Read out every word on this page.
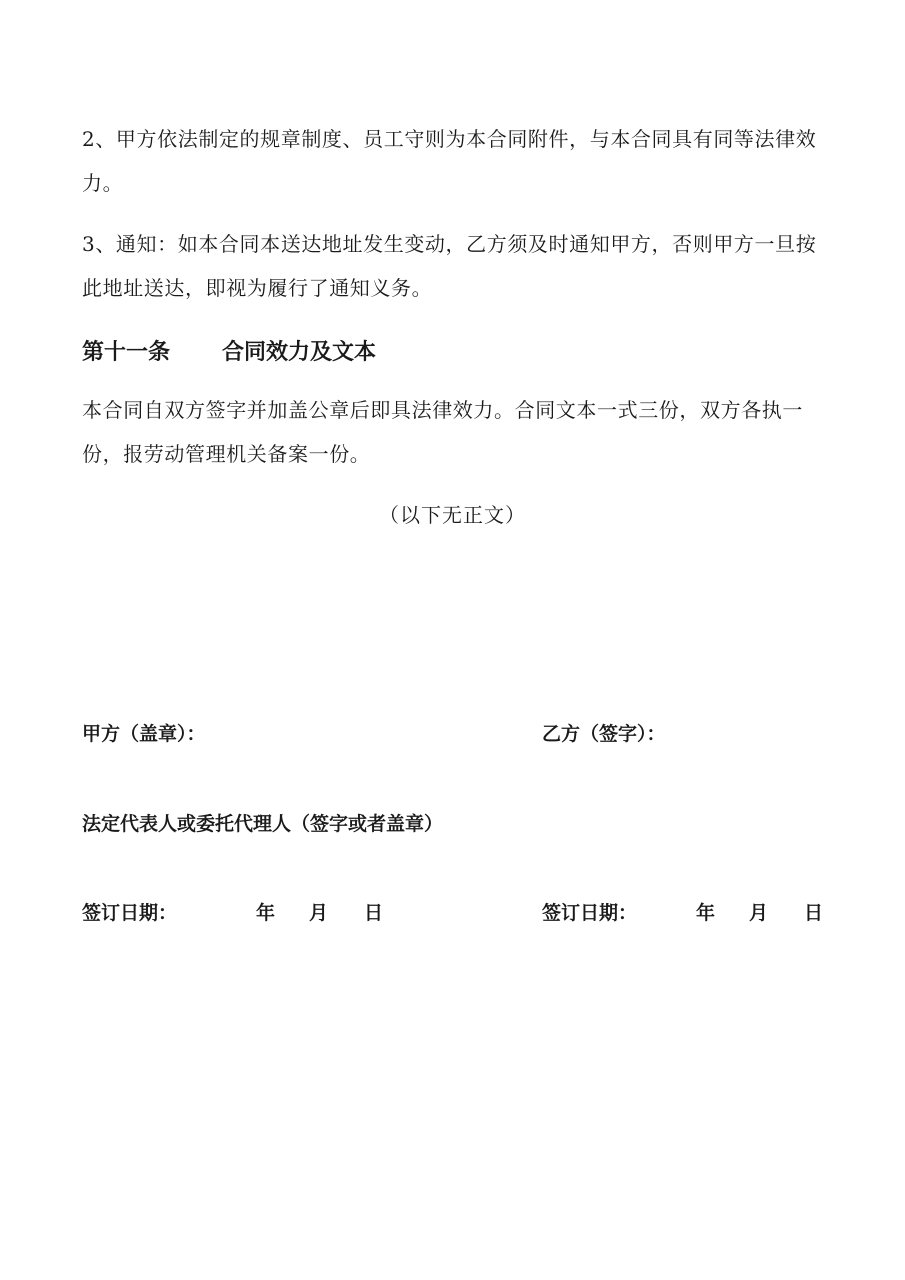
2、甲方依法制定的规章制度、员工守则为本合同附件，与本合同具有同等法律效力。

3、通知：如本合同本送达地址发生变动，乙方须及时通知甲方，否则甲方一旦按此地址送达，即视为履行了通知义务。

第十一条 合同效力及文本

本合同自双方签字并加盖公章后即具法律效力。合同文本一式三份，双方各执一份，报劳动管理机关备案一份。

（以下无正文）
甲方（盖章）：	乙方（签字）：
法定代表人或委托代理人（签字或者盖章）
签订日期：	年 月 日	签订日期：	年 月 日
